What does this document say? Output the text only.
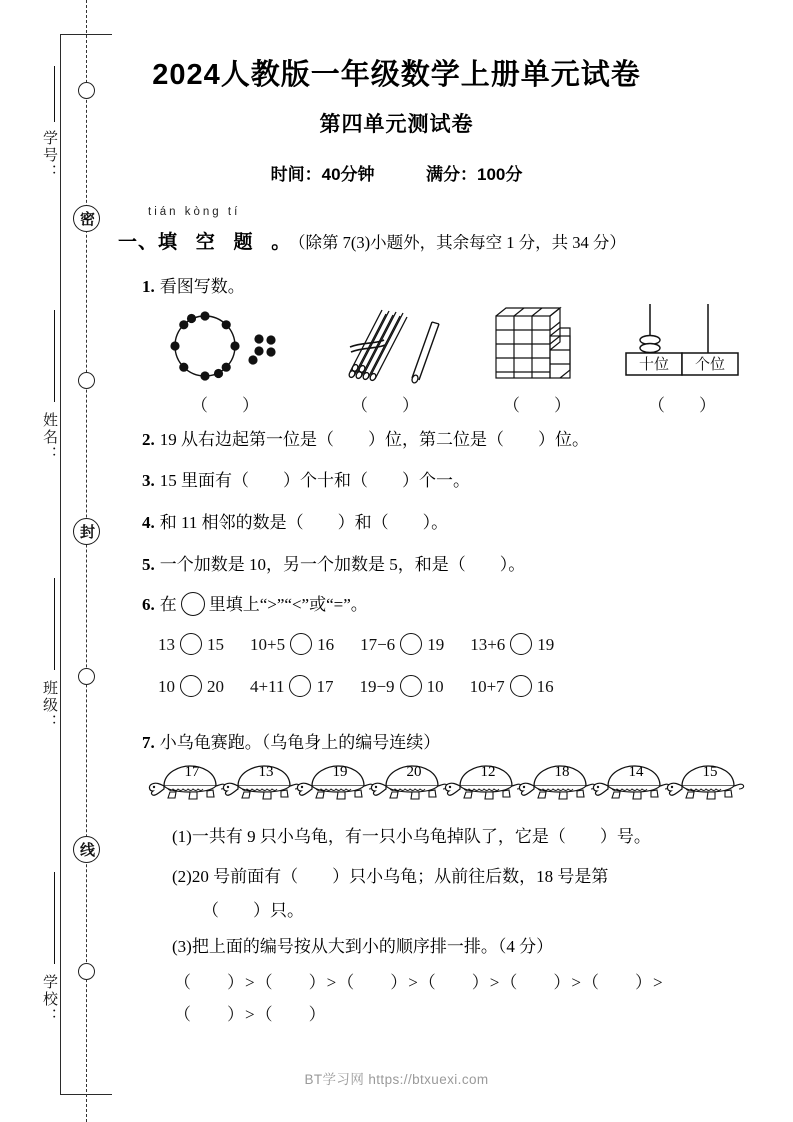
密
封
线
学号：
姓名：
班级：
学校：
2024人教版一年级数学上册单元试卷
第四单元测试卷
时间：40分钟	满分：100分
tián kòng tí
一、填 空 题 。（除第 7(3)小题外，其余每空 1 分，共 34 分）
1. 看图写数。
（ ）	（ ）	（ ）
十位 个位
（ ）
2. 19 从右边起第一位是（ ）位，第二位是（ ）位。
3. 15 里面有（ ）个十和（ ）个一。
4. 和 11 相邻的数是（ ）和（ ）。
5. 一个加数是 10，另一个加数是 5，和是（ ）。
6. 在 里填上“>”“<”或“=”。
13 15 10+5 16 17−6 19 13+6 19
10 20 4+11 17 19−9 10 10+7 16
7. 小乌龟赛跑。（乌龟身上的编号连续）
17	13	19	20	12	18	14	15
(1)一共有 9 只小乌龟，有一只小乌龟掉队了，它是（ ）号。
(2)20 号前面有（ ）只小乌龟；从前往后数，18 号是第
（ ）只。
(3)把上面的编号按从大到小的顺序排一排。（4 分）
（ ）>（ ）>（ ）>（ ）>（ ）>（ ）>
（ ）>（ ）
BT学习网 https://btxuexi.com
